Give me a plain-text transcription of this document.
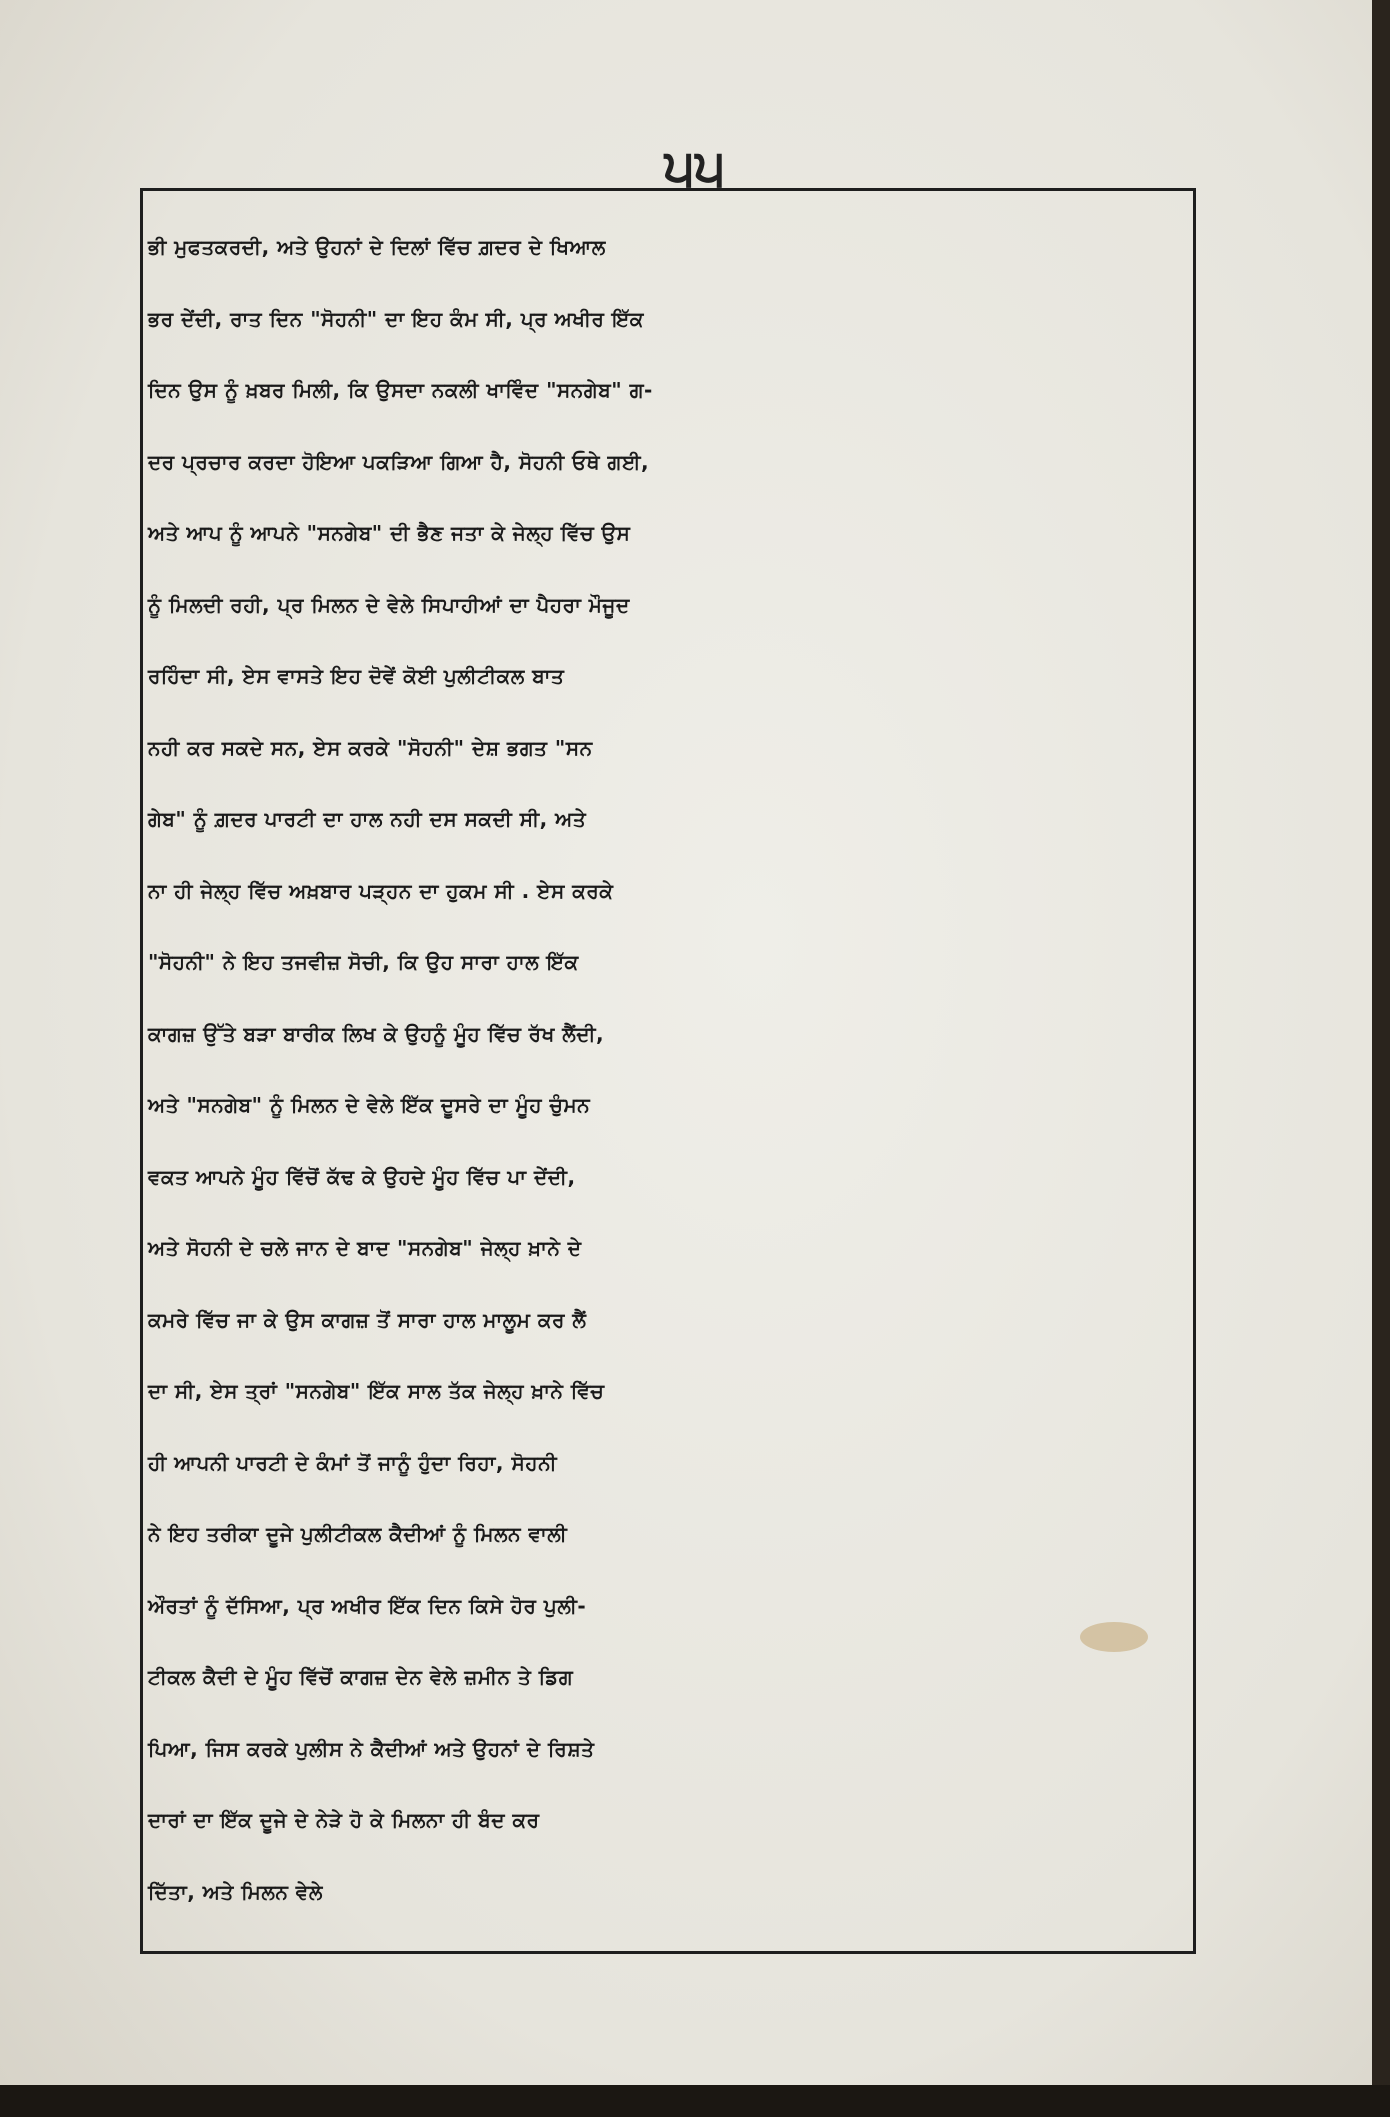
੫੫
ਭੀ ਮੁਫਤਕਰਦੀ, ਅਤੇ ਉਹਨਾਂ ਦੇ ਦਿਲਾਂ ਵਿੱਚ ਗ਼ਦਰ ਦੇ ਖਿਆਲ
ਭਰ ਦੇਂਦੀ, ਰਾਤ ਦਿਨ "ਸੋਹਨੀ" ਦਾ ਇਹ ਕੰਮ ਸੀ, ਪ੍ਰ ਅਖੀਰ ਇੱਕ
ਦਿਨ ਉਸ ਨੂੰ ਖ਼ਬਰ ਮਿਲੀ, ਕਿ ਉਸਦਾ ਨਕਲੀ ਖਾਵਿੰਦ "ਸਨਗੇਬ" ਗ-
ਦਰ ਪ੍ਰਚਾਰ ਕਰਦਾ ਹੋਇਆ ਪਕੜਿਆ ਗਿਆ ਹੈ, ਸੋਹਨੀ ਓਥੇ ਗਈ,
ਅਤੇ ਆਪ ਨੂੰ ਆਪਨੇ "ਸਨਗੇਬ" ਦੀ ਭੈਣ ਜਤਾ ਕੇ ਜੇਲ੍ਹ ਵਿੱਚ ਉਸ
ਨੂੰ ਮਿਲਦੀ ਰਹੀ, ਪ੍ਰ ਮਿਲਨ ਦੇ ਵੇਲੇ ਸਿਪਾਹੀਆਂ ਦਾ ਪੈਹਰਾ ਮੌਜੂਦ
ਰਹਿੰਦਾ ਸੀ, ਏਸ ਵਾਸਤੇ ਇਹ ਦੋਵੇਂ ਕੋਈ ਪੁਲੀਟੀਕਲ ਬਾਤ
ਨਹੀ ਕਰ ਸਕਦੇ ਸਨ, ਏਸ ਕਰਕੇ "ਸੋਹਨੀ" ਦੇਸ਼ ਭਗਤ "ਸਨ
ਗੇਬ" ਨੂੰ ਗ਼ਦਰ ਪਾਰਟੀ ਦਾ ਹਾਲ ਨਹੀ ਦਸ ਸਕਦੀ ਸੀ, ਅਤੇ
ਨਾ ਹੀ ਜੇਲ੍ਹ ਵਿੱਚ ਅਖ਼ਬਾਰ ਪੜ੍ਹਨ ਦਾ ਹੁਕਮ ਸੀ . ਏਸ ਕਰਕੇ
"ਸੋਹਨੀ" ਨੇ ਇਹ ਤਜਵੀਜ਼ ਸੋਚੀ, ਕਿ ਉਹ ਸਾਰਾ ਹਾਲ ਇੱਕ
ਕਾਗਜ਼ ਉੱਤੇ ਬੜਾ ਬਾਰੀਕ ਲਿਖ ਕੇ ਉਹਨੂੰ ਮੂੰਹ ਵਿੱਚ ਰੱਖ ਲੈਂਦੀ,
ਅਤੇ "ਸਨਗੇਬ" ਨੂੰ ਮਿਲਨ ਦੇ ਵੇਲੇ ਇੱਕ ਦੂਸਰੇ ਦਾ ਮੂੰਹ ਚੁੰਮਨ
ਵਕਤ ਆਪਨੇ ਮੂੰਹ ਵਿੱਚੋਂ ਕੱਢ ਕੇ ਉਹਦੇ ਮੂੰਹ ਵਿੱਚ ਪਾ ਦੇਂਦੀ,
ਅਤੇ ਸੋਹਨੀ ਦੇ ਚਲੇ ਜਾਨ ਦੇ ਬਾਦ "ਸਨਗੇਬ" ਜੇਲ੍ਹ ਖ਼ਾਨੇ ਦੇ
ਕਮਰੇ ਵਿੱਚ ਜਾ ਕੇ ਉਸ ਕਾਗਜ਼ ਤੋਂ ਸਾਰਾ ਹਾਲ ਮਾਲੂਮ ਕਰ ਲੈਂ
ਦਾ ਸੀ, ਏਸ ਤ੍ਰਾਂ "ਸਨਗੇਬ" ਇੱਕ ਸਾਲ ਤੱਕ ਜੇਲ੍ਹ ਖ਼ਾਨੇ ਵਿੱਚ
ਹੀ ਆਪਨੀ ਪਾਰਟੀ ਦੇ ਕੰਮਾਂ ਤੋਂ ਜਾਨੂੰ ਹੁੰਦਾ ਰਿਹਾ, ਸੋਹਨੀ
ਨੇ ਇਹ ਤਰੀਕਾ ਦੂਜੇ ਪੁਲੀਟੀਕਲ ਕੈਦੀਆਂ ਨੂੰ ਮਿਲਨ ਵਾਲੀ
ਔਰਤਾਂ ਨੂੰ ਦੱਸਿਆ, ਪ੍ਰ ਅਖੀਰ ਇੱਕ ਦਿਨ ਕਿਸੇ ਹੋਰ ਪੁਲੀ-
ਟੀਕਲ ਕੈਦੀ ਦੇ ਮੂੰਹ ਵਿੱਚੋਂ ਕਾਗਜ਼ ਦੇਨ ਵੇਲੇ ਜ਼ਮੀਨ ਤੇ ਡਿਗ
ਪਿਆ, ਜਿਸ ਕਰਕੇ ਪੁਲੀਸ ਨੇ ਕੈਦੀਆਂ ਅਤੇ ਉਹਨਾਂ ਦੇ ਰਿਸ਼ਤੇ
ਦਾਰਾਂ ਦਾ ਇੱਕ ਦੂਜੇ ਦੇ ਨੇੜੇ ਹੋ ਕੇ ਮਿਲਨਾ ਹੀ ਬੰਦ ਕਰ
ਦਿੱਤਾ, ਅਤੇ ਮਿਲਨ ਵੇਲੇ
